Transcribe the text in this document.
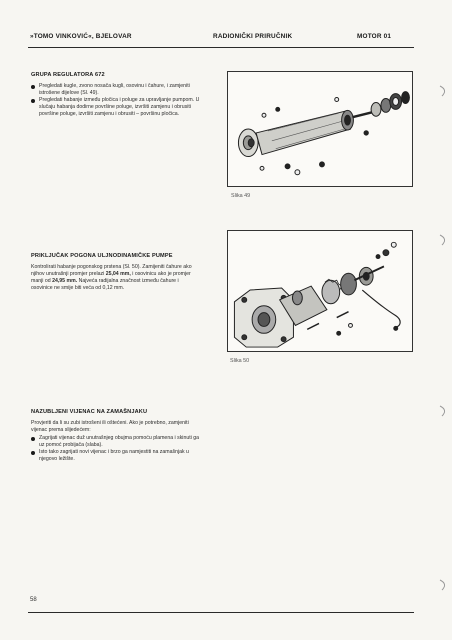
»TOMO VINKOVIĆ«, BJELOVAR	RADIONIČKI PRIRUČNIK	MOTOR 01
GRUPA REGULATORA 672
Pregledati kugle, zvono nosača kugli, osovinu i čahure, i zamjeniti istrošene dijelove (Sl. 49).
Pregledati habanje između pločica i poluge za upravljanje pumpom. U slučaju habanja dodirne površine poluge, izvršiti zamjenu i obrusiti površine poluge, izvršiti zamjenu i obrusiti – površinu pločica.
Slika 49
PRIKLJUČAK POGONA ULJNODINAMIČKE PUMPE
Kontrolirati habanje pogonskog prstena (Sl. 50). Zamijeniti čahure ako njihov unutrašnji promjer prelazi 25,04 mm, i osovinicu ako je promjer manji od 24,95 mm. Najveća radijalna značnost između čahure i osovinice ne smije biti veća od 0,12 mm.
Slika 50
NAZUBLJENI VIJENAC NA ZAMAŠNJAKU
Provjeriti da li su zubi istrošeni ili oštećeni. Ako je potrebno, zamjeniti vijenac prema slijedećem:
Zagrijati vijenac duž unutrašnjeg obujma pomoću plamena i skinuti ga uz pomoć probijača (slaba).
Isto tako zagrijati novi vijenac i brzo ga namjestiti na zamašnjak u njegovo ležište.
58
